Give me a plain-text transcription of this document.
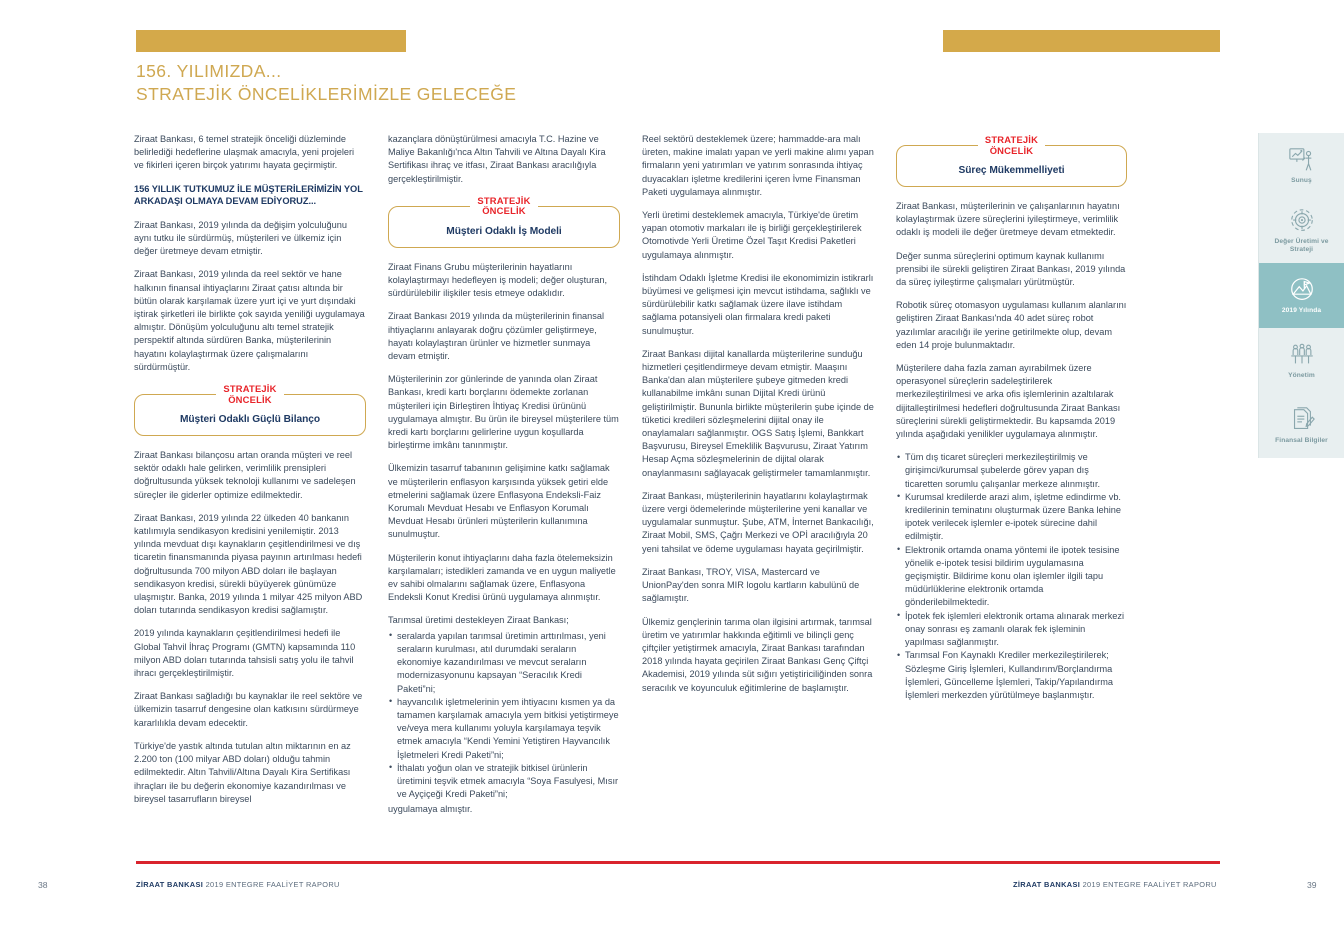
156. YILIMIZDA...
STRATEJİK ÖNCELİKLERİMİZLE GELECEĞE

Ziraat Bankası, 6 temel stratejik önceliği düzleminde belirlediği hedeflerine ulaşmak amacıyla, yeni projeleri ve fikirleri içeren birçok yatırımı hayata geçirmiştir.

156 YILLIK TUTKUMUZ İLE MÜŞTERİLERİMİZİN YOL ARKADAŞI OLMAYA DEVAM EDİYORUZ...

Ziraat Bankası, 2019 yılında da değişim yolculuğunu aynı tutku ile sürdürmüş, müşterileri ve ülkemiz için değer üretmeye devam etmiştir.

Ziraat Bankası, 2019 yılında da reel sektör ve hane halkının finansal ihtiyaçlarını Ziraat çatısı altında bir bütün olarak karşılamak üzere yurt içi ve yurt dışındaki iştirak şirketleri ile birlikte çok sayıda yeniliği uygulamaya almıştır. Dönüşüm yolculuğunu altı temel stratejik perspektif altında sürdüren Banka, müşterilerinin hayatını kolaylaştırmak üzere çalışmalarını sürdürmüştür.

STRATEJİK
ÖNCELİK
Müşteri Odaklı Güçlü Bilanço

Ziraat Bankası bilançosu artan oranda müşteri ve reel sektör odaklı hale gelirken, verimlilik prensipleri doğrultusunda yüksek teknoloji kullanımı ve sadeleşen süreçler ile giderler optimize edilmektedir.

Ziraat Bankası, 2019 yılında 22 ülkeden 40 bankanın katılımıyla sendikasyon kredisini yenilemiştir. 2013 yılında mevduat dışı kaynakların çeşitlendirilmesi ve dış ticaretin finansmanında piyasa payının artırılması hedefi doğrultusunda 700 milyon ABD doları ile başlayan sendikasyon kredisi, sürekli büyüyerek günümüze ulaşmıştır. Banka, 2019 yılında 1 milyar 425 milyon ABD doları tutarında sendikasyon kredisi sağlamıştır.

2019 yılında kaynakların çeşitlendirilmesi hedefi ile Global Tahvil İhraç Programı (GMTN) kapsamında 110 milyon ABD doları tutarında tahsisli satış yolu ile tahvil ihracı gerçekleştirilmiştir.

Ziraat Bankası sağladığı bu kaynaklar ile reel sektöre ve ülkemizin tasarruf dengesine olan katkısını sürdürmeye kararlılıkla devam edecektir.

Türkiye'de yastık altında tutulan altın miktarının en az 2.200 ton (100 milyar ABD doları) olduğu tahmin edilmektedir. Altın Tahvili/Altına Dayalı Kira Sertifikası ihraçları ile bu değerin ekonomiye kazandırılması ve bireysel tasarrufların bireysel

kazançlara dönüştürülmesi amacıyla T.C. Hazine ve Maliye Bakanlığı'nca Altın Tahvili ve Altına Dayalı Kira Sertifikası ihraç ve itfası, Ziraat Bankası aracılığıyla gerçekleştirilmiştir.

STRATEJİK
ÖNCELİK
Müşteri Odaklı İş Modeli

Ziraat Finans Grubu müşterilerinin hayatlarını kolaylaştırmayı hedefleyen iş modeli; değer oluşturan, sürdürülebilir ilişkiler tesis etmeye odaklıdır.

Ziraat Bankası 2019 yılında da müşterilerinin finansal ihtiyaçlarını anlayarak doğru çözümler geliştirmeye, hayatı kolaylaştıran ürünler ve hizmetler sunmaya devam etmiştir.

Müşterilerinin zor günlerinde de yanında olan Ziraat Bankası, kredi kartı borçlarını ödemekte zorlanan müşterileri için Birleştiren İhtiyaç Kredisi ürününü uygulamaya almıştır. Bu ürün ile bireysel müşterilere tüm kredi kartı borçlarını gelirlerine uygun koşullarda birleştirme imkânı tanınmıştır.

Ülkemizin tasarruf tabanının gelişimine katkı sağlamak ve müşterilerin enflasyon karşısında yüksek getiri elde etmelerini sağlamak üzere Enflasyona Endeksli-Faiz Korumalı Mevduat Hesabı ve Enflasyon Korumalı Mevduat Hesabı ürünleri müşterilerin kullanımına sunulmuştur.

Müşterilerin konut ihtiyaçlarını daha fazla ötelemeksizin karşılamaları; istedikleri zamanda ve en uygun maliyetle ev sahibi olmalarını sağlamak üzere, Enflasyona Endeksli Konut Kredisi ürünü uygulamaya alınmıştır.

Tarımsal üretimi destekleyen Ziraat Bankası;

• seralarda yapılan tarımsal üretimin arttırılması, yeni seraların kurulması, atıl durumdaki seraların ekonomiye kazandırılması ve mevcut seraların modernizasyonunu kapsayan “Seracılık Kredi Paketi”ni;
• hayvancılık işletmelerinin yem ihtiyacını kısmen ya da tamamen karşılamak amacıyla yem bitkisi yetiştirmeye ve/veya mera kullanımı yoluyla karşılamaya teşvik etmek amacıyla “Kendi Yemini Yetiştiren Hayvancılık İşletmeleri Kredi Paketi”ni;
• İthalatı yoğun olan ve stratejik bitkisel ürünlerin üretimini teşvik etmek amacıyla “Soya Fasulyesi, Mısır ve Ayçiçeği Kredi Paketi”ni;

uygulamaya almıştır.

Reel sektörü desteklemek üzere; hammadde-ara malı üreten, makine imalatı yapan ve yerli makine alımı yapan firmaların yeni yatırımları ve yatırım sonrasında ihtiyaç duyacakları işletme kredilerini içeren İvme Finansman Paketi uygulamaya alınmıştır.

Yerli üretimi desteklemek amacıyla, Türkiye'de üretim yapan otomotiv markaları ile iş birliği gerçekleştirilerek Otomotivde Yerli Üretime Özel Taşıt Kredisi Paketleri uygulamaya alınmıştır.

İstihdam Odaklı İşletme Kredisi ile ekonomimizin istikrarlı büyümesi ve gelişmesi için mevcut istihdama, sağlıklı ve sürdürülebilir katkı sağlamak üzere ilave istihdam sağlama potansiyeli olan firmalara kredi paketi sunulmuştur.

Ziraat Bankası dijital kanallarda müşterilerine sunduğu hizmetleri çeşitlendirmeye devam etmiştir. Maaşını Banka'dan alan müşterilere şubeye gitmeden kredi kullanabilme imkânı sunan Dijital Kredi ürünü geliştirilmiştir. Bununla birlikte müşterilerin şube içinde de tüketici kredileri sözleşmelerini dijital onay ile onaylamaları sağlanmıştır. OGS Satış İşlemi, Bankkart Başvurusu, Bireysel Emeklilik Başvurusu, Ziraat Yatırım Hesap Açma sözleşmelerinin de dijital olarak onaylanmasını sağlayacak geliştirmeler tamamlanmıştır.

Ziraat Bankası, müşterilerinin hayatlarını kolaylaştırmak üzere vergi ödemelerinde müşterilerine yeni kanallar ve uygulamalar sunmuştur. Şube, ATM, İnternet Bankacılığı, Ziraat Mobil, SMS, Çağrı Merkezi ve OPİ aracılığıyla 20 yeni tahsilat ve ödeme uygulaması hayata geçirilmiştir.

Ziraat Bankası, TROY, VISA, Mastercard ve UnionPay'den sonra MIR logolu kartların kabulünü de sağlamıştır.

Ülkemiz gençlerinin tarıma olan ilgisini artırmak, tarımsal üretim ve yatırımlar hakkında eğitimli ve bilinçli genç çiftçiler yetiştirmek amacıyla, Ziraat Bankası tarafından 2018 yılında hayata geçirilen Ziraat Bankası Genç Çiftçi Akademisi, 2019 yılında süt sığırı yetiştiriciliğinden sonra seracılık ve koyunculuk eğitimlerine de başlamıştır.

STRATEJİK
ÖNCELİK
Süreç Mükemmelliyeti

Ziraat Bankası, müşterilerinin ve çalışanlarının hayatını kolaylaştırmak üzere süreçlerini iyileştirmeye, verimlilik odaklı iş modeli ile değer üretmeye devam etmektedir.

Değer sunma süreçlerini optimum kaynak kullanımı prensibi ile sürekli geliştiren Ziraat Bankası, 2019 yılında da süreç iyileştirme çalışmaları yürütmüştür.

Robotik süreç otomasyon uygulaması kullanım alanlarını geliştiren Ziraat Bankası'nda 40 adet süreç robot yazılımlar aracılığı ile yerine getirilmekte olup, devam eden 14 proje bulunmaktadır.

Müşterilere daha fazla zaman ayırabilmek üzere operasyonel süreçlerin sadeleştirilerek merkezileştirilmesi ve arka ofis işlemlerinin azaltılarak dijitalleştirilmesi hedefleri doğrultusunda Ziraat Bankası süreçlerini sürekli geliştirmektedir. Bu kapsamda 2019 yılında aşağıdaki yenilikler uygulamaya alınmıştır.

• Tüm dış ticaret süreçleri merkezileştirilmiş ve girişimci/kurumsal şubelerde görev yapan dış ticaretten sorumlu çalışanlar merkeze alınmıştır.
• Kurumsal kredilerde arazi alım, işletme edindirme vb. kredilerinin teminatını oluşturmak üzere Banka lehine ipotek verilecek işlemler e-ipotek sürecine dahil edilmiştir.
• Elektronik ortamda onama yöntemi ile ipotek tesisine yönelik e-ipotek tesisi bildirim uygulamasına geçişmiştir. Bildirime konu olan işlemler ilgili tapu müdürlüklerine elektronik ortamda gönderilebilmektedir.
• İpotek fek işlemleri elektronik ortama alınarak merkezi onay sonrası eş zamanlı olarak fek işleminin yapılması sağlanmıştır.
• Tarımsal Fon Kaynaklı Krediler merkezileştirilerek; Sözleşme Giriş İşlemleri, Kullandırım/Borçlandırma İşlemleri, Güncelleme İşlemleri, Takip/Yapılandırma İşlemleri merkezden yürütülmeye başlanmıştır.
Sunuş
Değer Üretimi ve Strateji
2019 Yılında
Yönetim
Finansal Bilgiler
38	ZİRAAT BANKASI 2019 ENTEGRE FAALİYET RAPORU	ZİRAAT BANKASI 2019 ENTEGRE FAALİYET RAPORU	39
